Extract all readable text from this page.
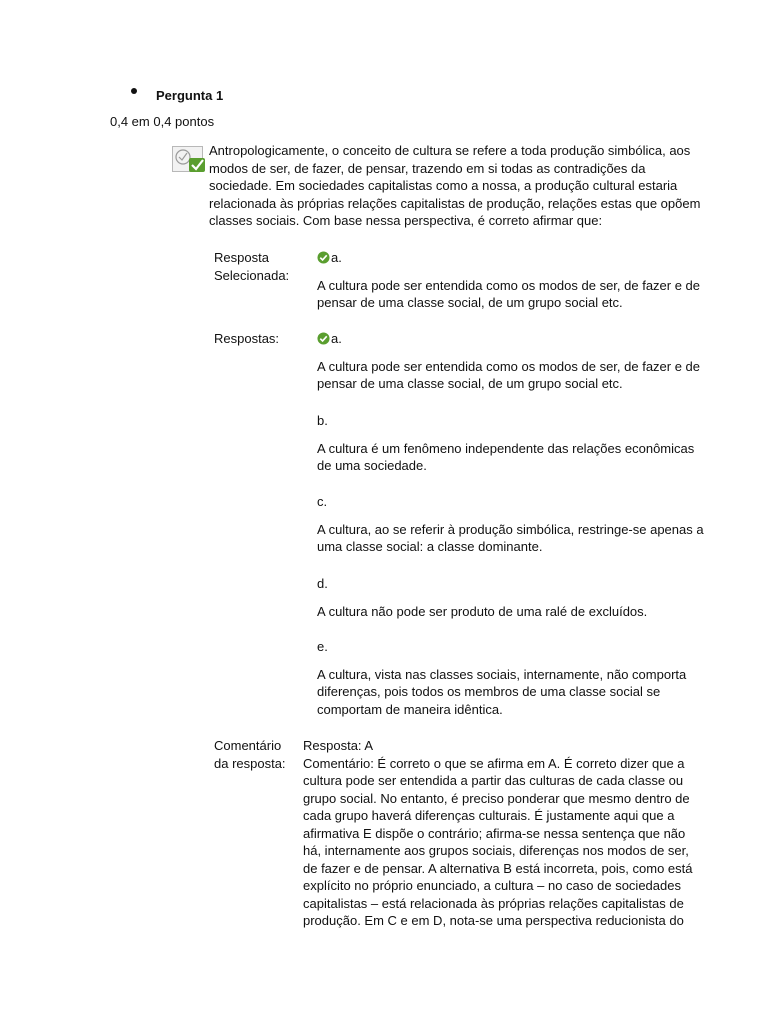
Pergunta 1
0,4 em 0,4 pontos
Antropologicamente, o conceito de cultura se refere a toda produção simbólica, aos modos de ser, de fazer, de pensar, trazendo em si todas as contradições da sociedade. Em sociedades capitalistas como a nossa, a produção cultural estaria relacionada às próprias relações capitalistas de produção, relações estas que opõem classes sociais. Com base nessa perspectiva, é correto afirmar que:
Resposta Selecionada:
a.
A cultura pode ser entendida como os modos de ser, de fazer e de pensar de uma classe social, de um grupo social etc.
Respostas:	a.
A cultura pode ser entendida como os modos de ser, de fazer e de pensar de uma classe social, de um grupo social etc.
b.
A cultura é um fenômeno independente das relações econômicas de uma sociedade.
c.
A cultura, ao se referir à produção simbólica, restringe-se apenas a uma classe social: a classe dominante.
d.
A cultura não pode ser produto de uma ralé de excluídos.
e.
A cultura, vista nas classes sociais, internamente, não comporta diferenças, pois todos os membros de uma classe social se comportam de maneira idêntica.
Comentário da resposta:
Resposta: A
Comentário: É correto o que se afirma em A. É correto dizer que a cultura pode ser entendida a partir das culturas de cada classe ou grupo social. No entanto, é preciso ponderar que mesmo dentro de cada grupo haverá diferenças culturais. É justamente aqui que a afirmativa E dispõe o contrário; afirma-se nessa sentença que não há, internamente aos grupos sociais, diferenças nos modos de ser, de fazer e de pensar. A alternativa B está incorreta, pois, como está explícito no próprio enunciado, a cultura – no caso de sociedades capitalistas – está relacionada às próprias relações capitalistas de produção. Em C e em D, nota-se uma perspectiva reducionista do
